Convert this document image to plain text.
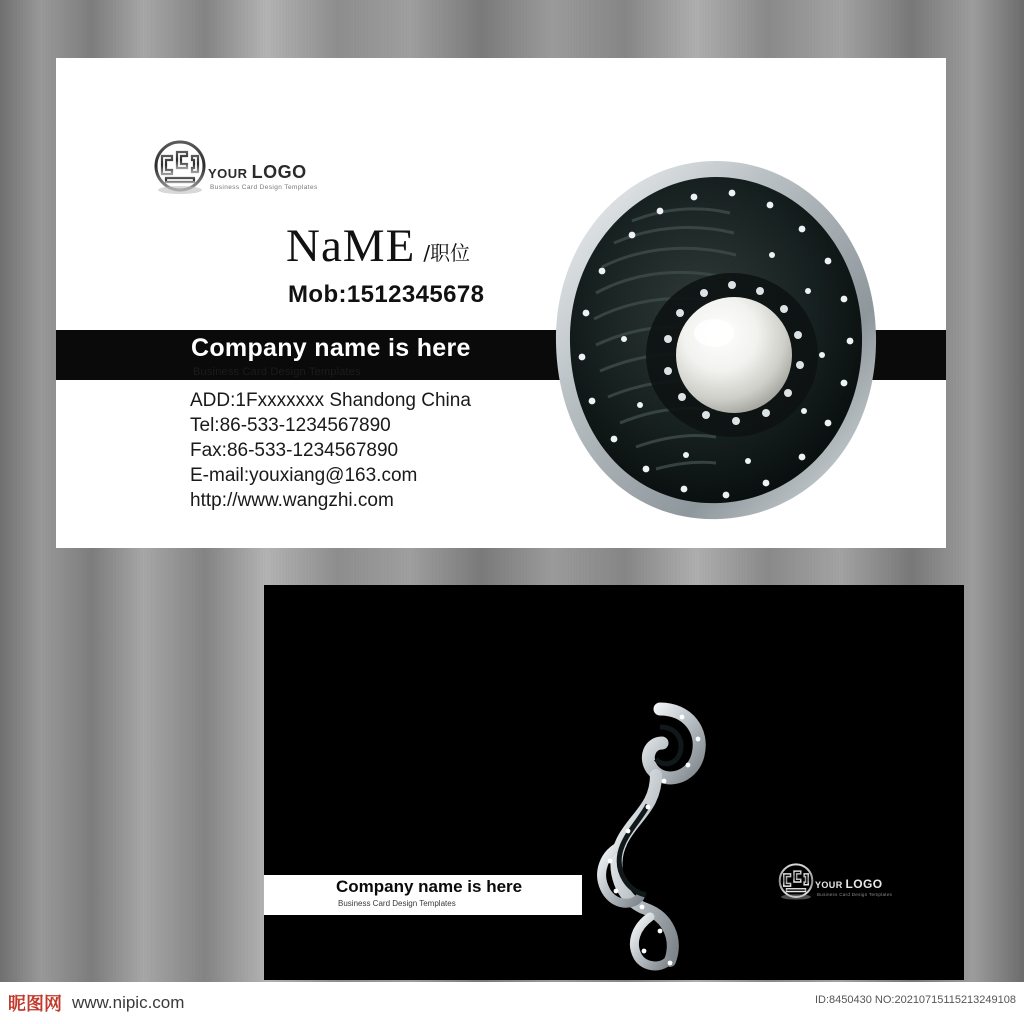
YOUR LOGO
Business Card Design Templates
NaME /职位
Mob:1512345678
Company name is here
Business Card Design Templates
ADD:1Fxxxxxxx Shandong China
Tel:86-533-1234567890
Fax:86-533-1234567890
E-mail:youxiang@163.com
http://www.wangzhi.com
Company name is here
Business Card Design Templates
YOUR LOGO
Business Card Design Templates
昵图网 www.nipic.com	ID:8450430 NO:20210715115213249108
